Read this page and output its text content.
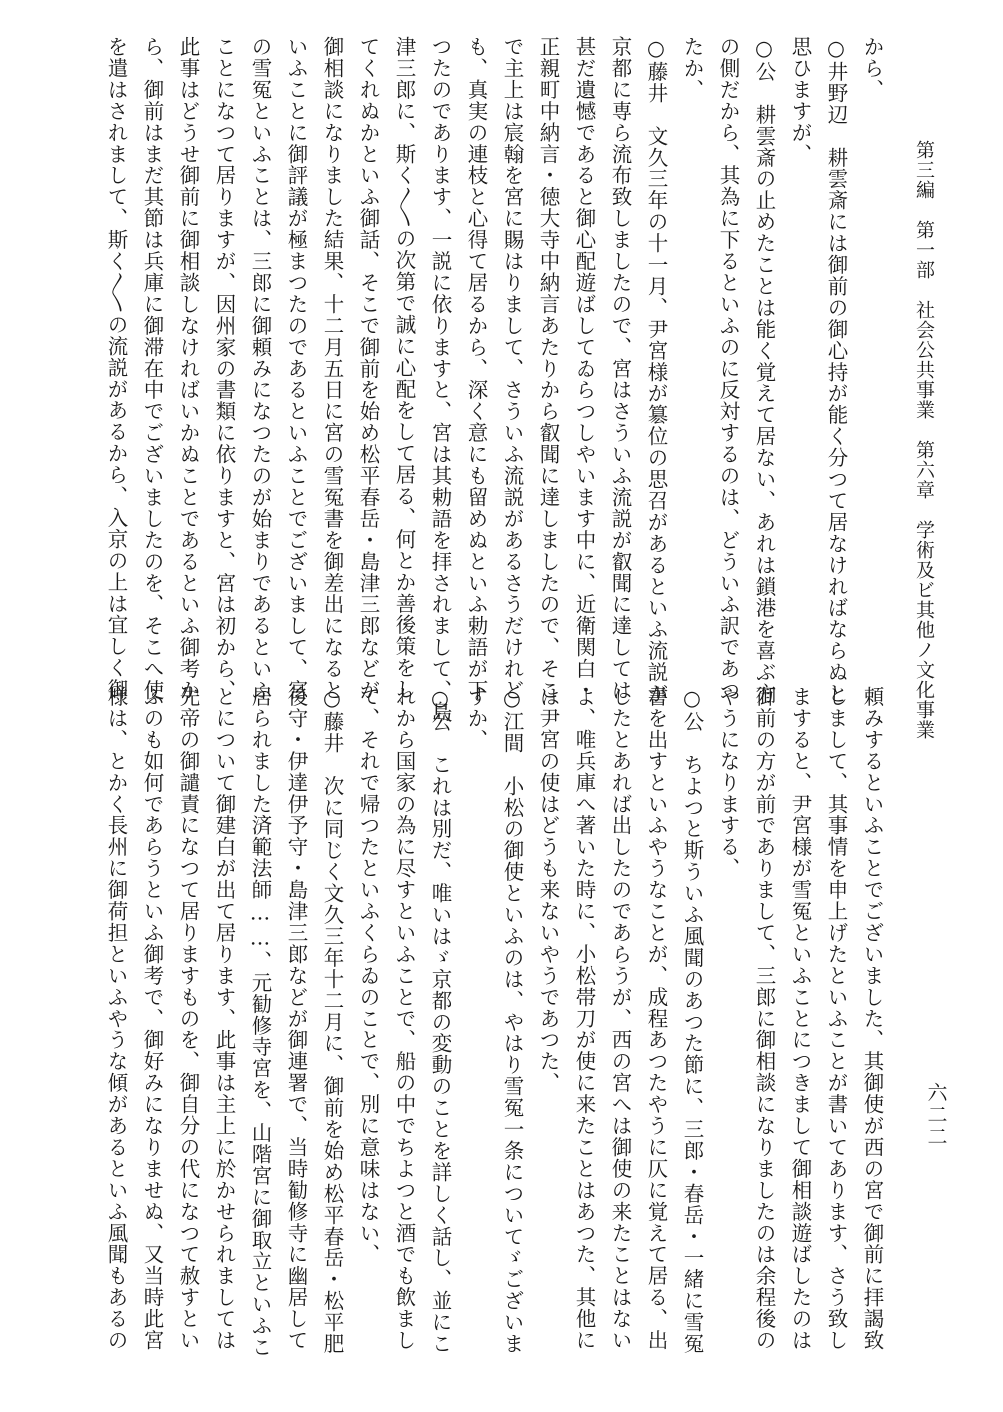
第三編　第一部　社会公共事業　第六章　学術及ビ其他ノ文化事業
六二二

から、

○井野辺　耕雲斎には御前の御心持が能く分つて居なければならぬと

思ひますが、

○公　耕雲斎の止めたことは能く覚えて居ない、あれは鎖港を喜ぶ方

の側だから、其為に下るといふのに反対するのは、どういふ訳であつ

たか、

○藤井　文久三年の十一月、尹宮様が簒位の思召があるといふ流説が

京都に専ら流布致しましたので、宮はさういふ流説が叡聞に達しては

甚だ遺憾であると御心配遊ばしてゐらつしやいます中に、近衛関白・

正親町中納言・徳大寺中納言あたりから叡聞に達しましたので、そこ

で主上は宸翰を宮に賜はりまして、さういふ流説があるさうだけれど

も、真実の連枝と心得て居るから、深く意にも留めぬといふ勅語が下

つたのであります、一説に依りますと、宮は其勅語を拝されまして、島

津三郎に、斯く〳〵の次第で誠に心配をして居る、何とか善後策をし

てくれぬかといふ御話、そこで御前を始め松平春岳・島津三郎などが

御相談になりました結果、十二月五日に宮の雪冤書を御差出になると

いふことに御評議が極まつたのであるといふことでございまして、宮

の雪冤といふことは、三郎に御頼みになつたのが始まりであるといふ

ことになつて居りますが、因州家の書類に依りますと、宮は初から、

此事はどうせ御前に御相談しなければいかぬことであるといふ御考か

ら、御前はまだ其節は兵庫に御滞在中でございましたのを、そこへ使

を遣はされまして、斯く〳〵の流説があるから、入京の上は宜しく御

頼みするといふことでございました、其御使が西の宮で御前に拝謁致

しまして、其事情を申上げたといふことが書いてあります、さう致し

ますると、尹宮様が雪冤といふことにつきまして御相談遊ばしたのは

御前の方が前でありまして、三郎に御相談になりましたのは余程後の

やうになりまする、

○公　ちよつと斯ういふ風聞のあつた節に、三郎・春岳・一緒に雪冤

書を出すといふやうなことが、成程あつたやうに仄に覚えて居る、出

したとあれば出したのであらうが、西の宮へは御使の来たことはない

よ、唯兵庫へ著いた時に、小松帯刀が使に来たことはあつた、其他に

は尹宮の使はどうも来ないやうであつた、

○江間　小松の御使といふのは、やはり雪冤一条についてゞございま

すか、

○公　これは別だ、唯いはゞ京都の変動のことを詳しく話し、並にこ

れから国家の為に尽すといふことで、船の中でちよつと酒でも飲まし

て、それで帰つたといふくらゐのことで、別に意味はない、

○藤井　次に同じく文久三年十二月に、御前を始め松平春岳・松平肥

後守・伊達伊予守・島津三郎などが御連署で、当時勧修寺に幽居して

居られました済範法師……、元勧修寺宮を、山階宮に御取立といふこ

とについて御建白が出て居ります、此事は主上に於かせられましては

先帝の御譴責になつて居りますものを、御自分の代になつて赦すとい

ふのも如何であらうといふ御考で、御好みになりませぬ、又当時此宮

様は、とかく長州に御荷担といふやうな傾があるといふ風聞もあるの
